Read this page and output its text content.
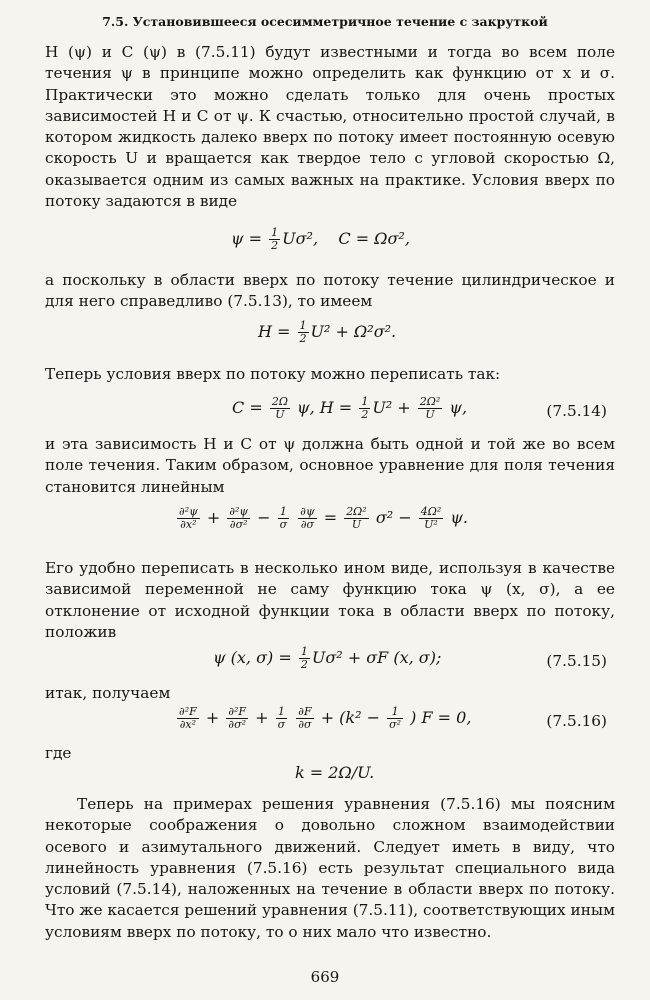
7.5. Установившееся осесимметричное течение с закруткой

H (ψ) и C (ψ) в (7.5.11) будут известными и тогда во всем поле течения ψ в принципе можно определить как функцию от x и σ. Практически это можно сделать только для очень простых зависимостей H и C от ψ. К счастью, относительно простой случай, в котором жидкость далеко вверх по потоку имеет постоянную осевую скорость U и вращается как твердое тело с угловой скоростью Ω, оказывается одним из самых важных на практике. Условия вверх по потоку задаются в виде

$\psi = \frac{1}{2} U\sigma^2$,    C = Ωσ²,

а поскольку в области вверх по потоку течение цилиндрическое и для него справедливо (7.5.13), то имеем

$H = \frac{1}{2} U^2 + \Omega^2\sigma^2$.

Теперь условия вверх по потоку можно переписать так:

$C = \frac{2\Omega}{U} \psi$, $H = \frac{1}{2} U^2 + \frac{\text{2Ω²}}{U} \psi$,	(7.5.14)

и эта зависимость H и C от ψ должна быть одной и той же во всем поле течения. Таким образом, основное уравнение для поля течения становится линейным

$\frac{\text{∂²ψ}}{\text{∂x²}} + \frac{\text{∂²ψ}}{\text{∂σ²}} - \frac{1}{\sigma}$
$\frac{\partial\psi}{\partial\sigma} = \frac{\text{2Ω²}}{U} \sigma^2 - \frac{\text{4Ω²}}{\text{U²}} \psi$.

Его удобно переписать в несколько ином виде, используя в качестве зависимой переменной не саму функцию тока ψ (x, σ), а ее отклонение от исходной функции тока в области вверх по потоку, положив

ψ (x, $\sigma) = \frac{1}{2} U\sigma^2 + \sigma F$ (x, σ);	(7.5.15)
итак, получаем
$\frac{\text{∂²F}}{\text{∂x²}} + \frac{\text{∂²F}}{\text{∂σ²}} + \frac{1}{\sigma}$
$\frac{\partial F}{\partial\sigma} + (k^2 - \frac{1}{\text{σ²}}$ ) F = 0,	(7.5.16)
где
k = 2Ω/U.

Теперь на примерах решения уравнения (7.5.16) мы поясним некоторые соображения о довольно сложном взаимодействии осевого и азимутального движений. Следует иметь в виду, что линейность уравнения (7.5.16) есть результат специального вида условий (7.5.14), наложенных на течение в области вверх по потоку. Что же касается решений уравнения (7.5.11), соответствующих иным условиям вверх по потоку, то о них мало что известно.

669
